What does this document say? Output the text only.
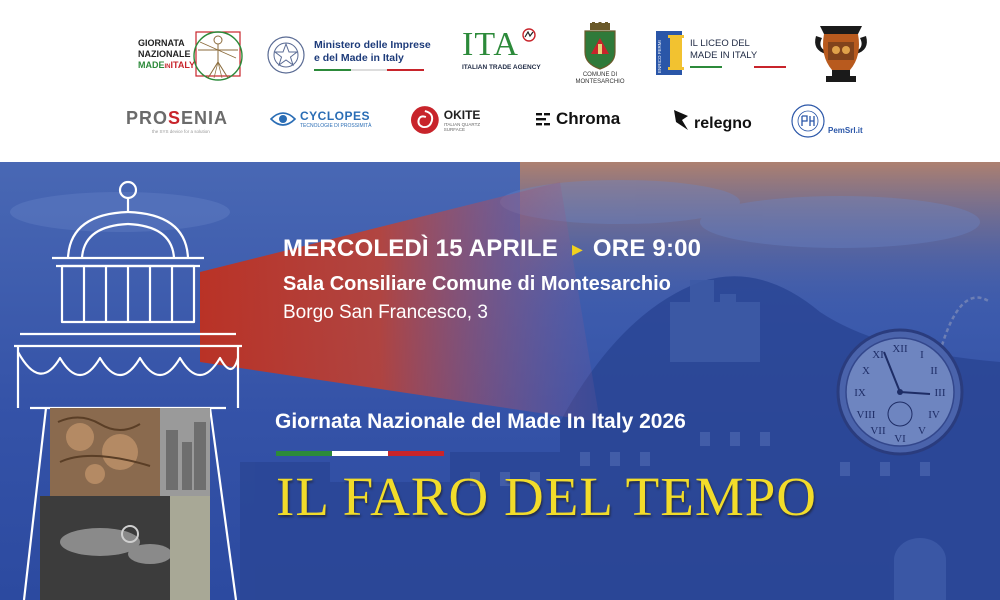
GIORNATA
NAZIONALE
MADEINITALY
Ministero delle Imprese
e del Made in Italy	ITA
ITALIAN TRADE AGENCY
COMUNE DI
MONTESARCHIO
ENRICO FERMI	IL LICEO DEL
MADE IN ITALY
PROSENIA
the SYS device for a solution
CYCLOPES
TECNOLOGIE DI PROSSIMITÀ
OKITE
ITALIAN QUARTZ SURFACE
Chroma	relegno	PemSrl.it
XII
III
VI
IX
I
II
IV
V
VII
VIII
X
XI
MERCOLEDÌ 15 APRILE ▶ ORE 9:00
Sala Consiliare Comune di Montesarchio
Borgo San Francesco, 3
Giornata Nazionale del Made In Italy 2026
IL FARO DEL TEMPO
